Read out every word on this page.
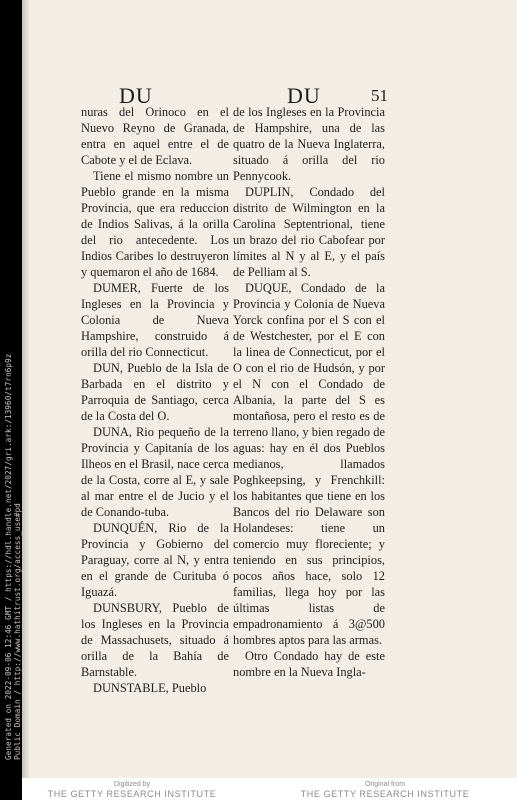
Generated on 2022-09-06 12:46 GMT / https://hdl.handle.net/2027/gri.ark:/13960/t7rn6p9z Public Domain / http://www.hathitrust.org/access_use#pd
DU	DU	51

nuras del Orinoco en el Nuevo Reyno de Granada, entra en aquel entre el de Cabote y el de Eclava.

Tiene el mismo nombre un Pueblo grande en la misma Provincia, que era reduccion de Indios Salivas, á la orilla del rio antecedente. Los Indios Caribes lo destruyeron y quemaron el año de 1684.

DUMER, Fuerte de los Ingleses en la Provincia y Colonia de Nueva Hampshire, construido á orilla del rio Connecticut.

DUN, Pueblo de la Isla de Barbada en el distrito y Parroquia de Santiago, cerca de la Costa del O.

DUNA, Rio pequeño de la Provincia y Capitanía de los Ilheos en el Brasil, nace cerca de la Costa, corre al E, y sale al mar entre el de Jucio y el de Conando-tuba.

DUNQUÉN, Rio de la Provincia y Gobierno del Paraguay, corre al N, y entra en el grande de Curituba ó Iguazá.

DUNSBURY, Pueblo de los Ingleses en la Provincia de Massachusets, situado á orilla de la Bahía de Barnstable.

DUNSTABLE, Pueblo

de los Ingleses en la Provincia de Hampshire, una de las quatro de la Nueva Inglaterra, situado á orilla del rio Pennycook.

DUPLIN, Condado del distrito de Wilmington en la Carolina Septentrional, tiene un brazo del rio Cabofear por límites al N y al E, y el país de Pelliam al S.

DUQUE, Condado de la Provincia y Colonia de Nueva Yorck confina por el S con el de Westchester, por el E con la linea de Connecticut, por el O con el rio de Hudsón, y por el N con el Condado de Albania, la parte del S es montañosa, pero el resto es de terreno llano, y bien regado de aguas: hay en él dos Pueblos medianos, llamados Poghkeepsing, y Frenchkill: los habitantes que tiene en los Bancos del rio Delaware son Holandeses: tiene un comercio muy floreciente; y teniendo en sus principios, pocos años hace, solo 12 familias, llega hoy por las últimas listas de empadronamiento á 3@500 hombres aptos para las armas.

Otro Condado hay de este nombre en la Nueva Ingla-

Digitized by
THE GETTY RESEARCH INSTITUTE
Original from
THE GETTY RESEARCH INSTITUTE
